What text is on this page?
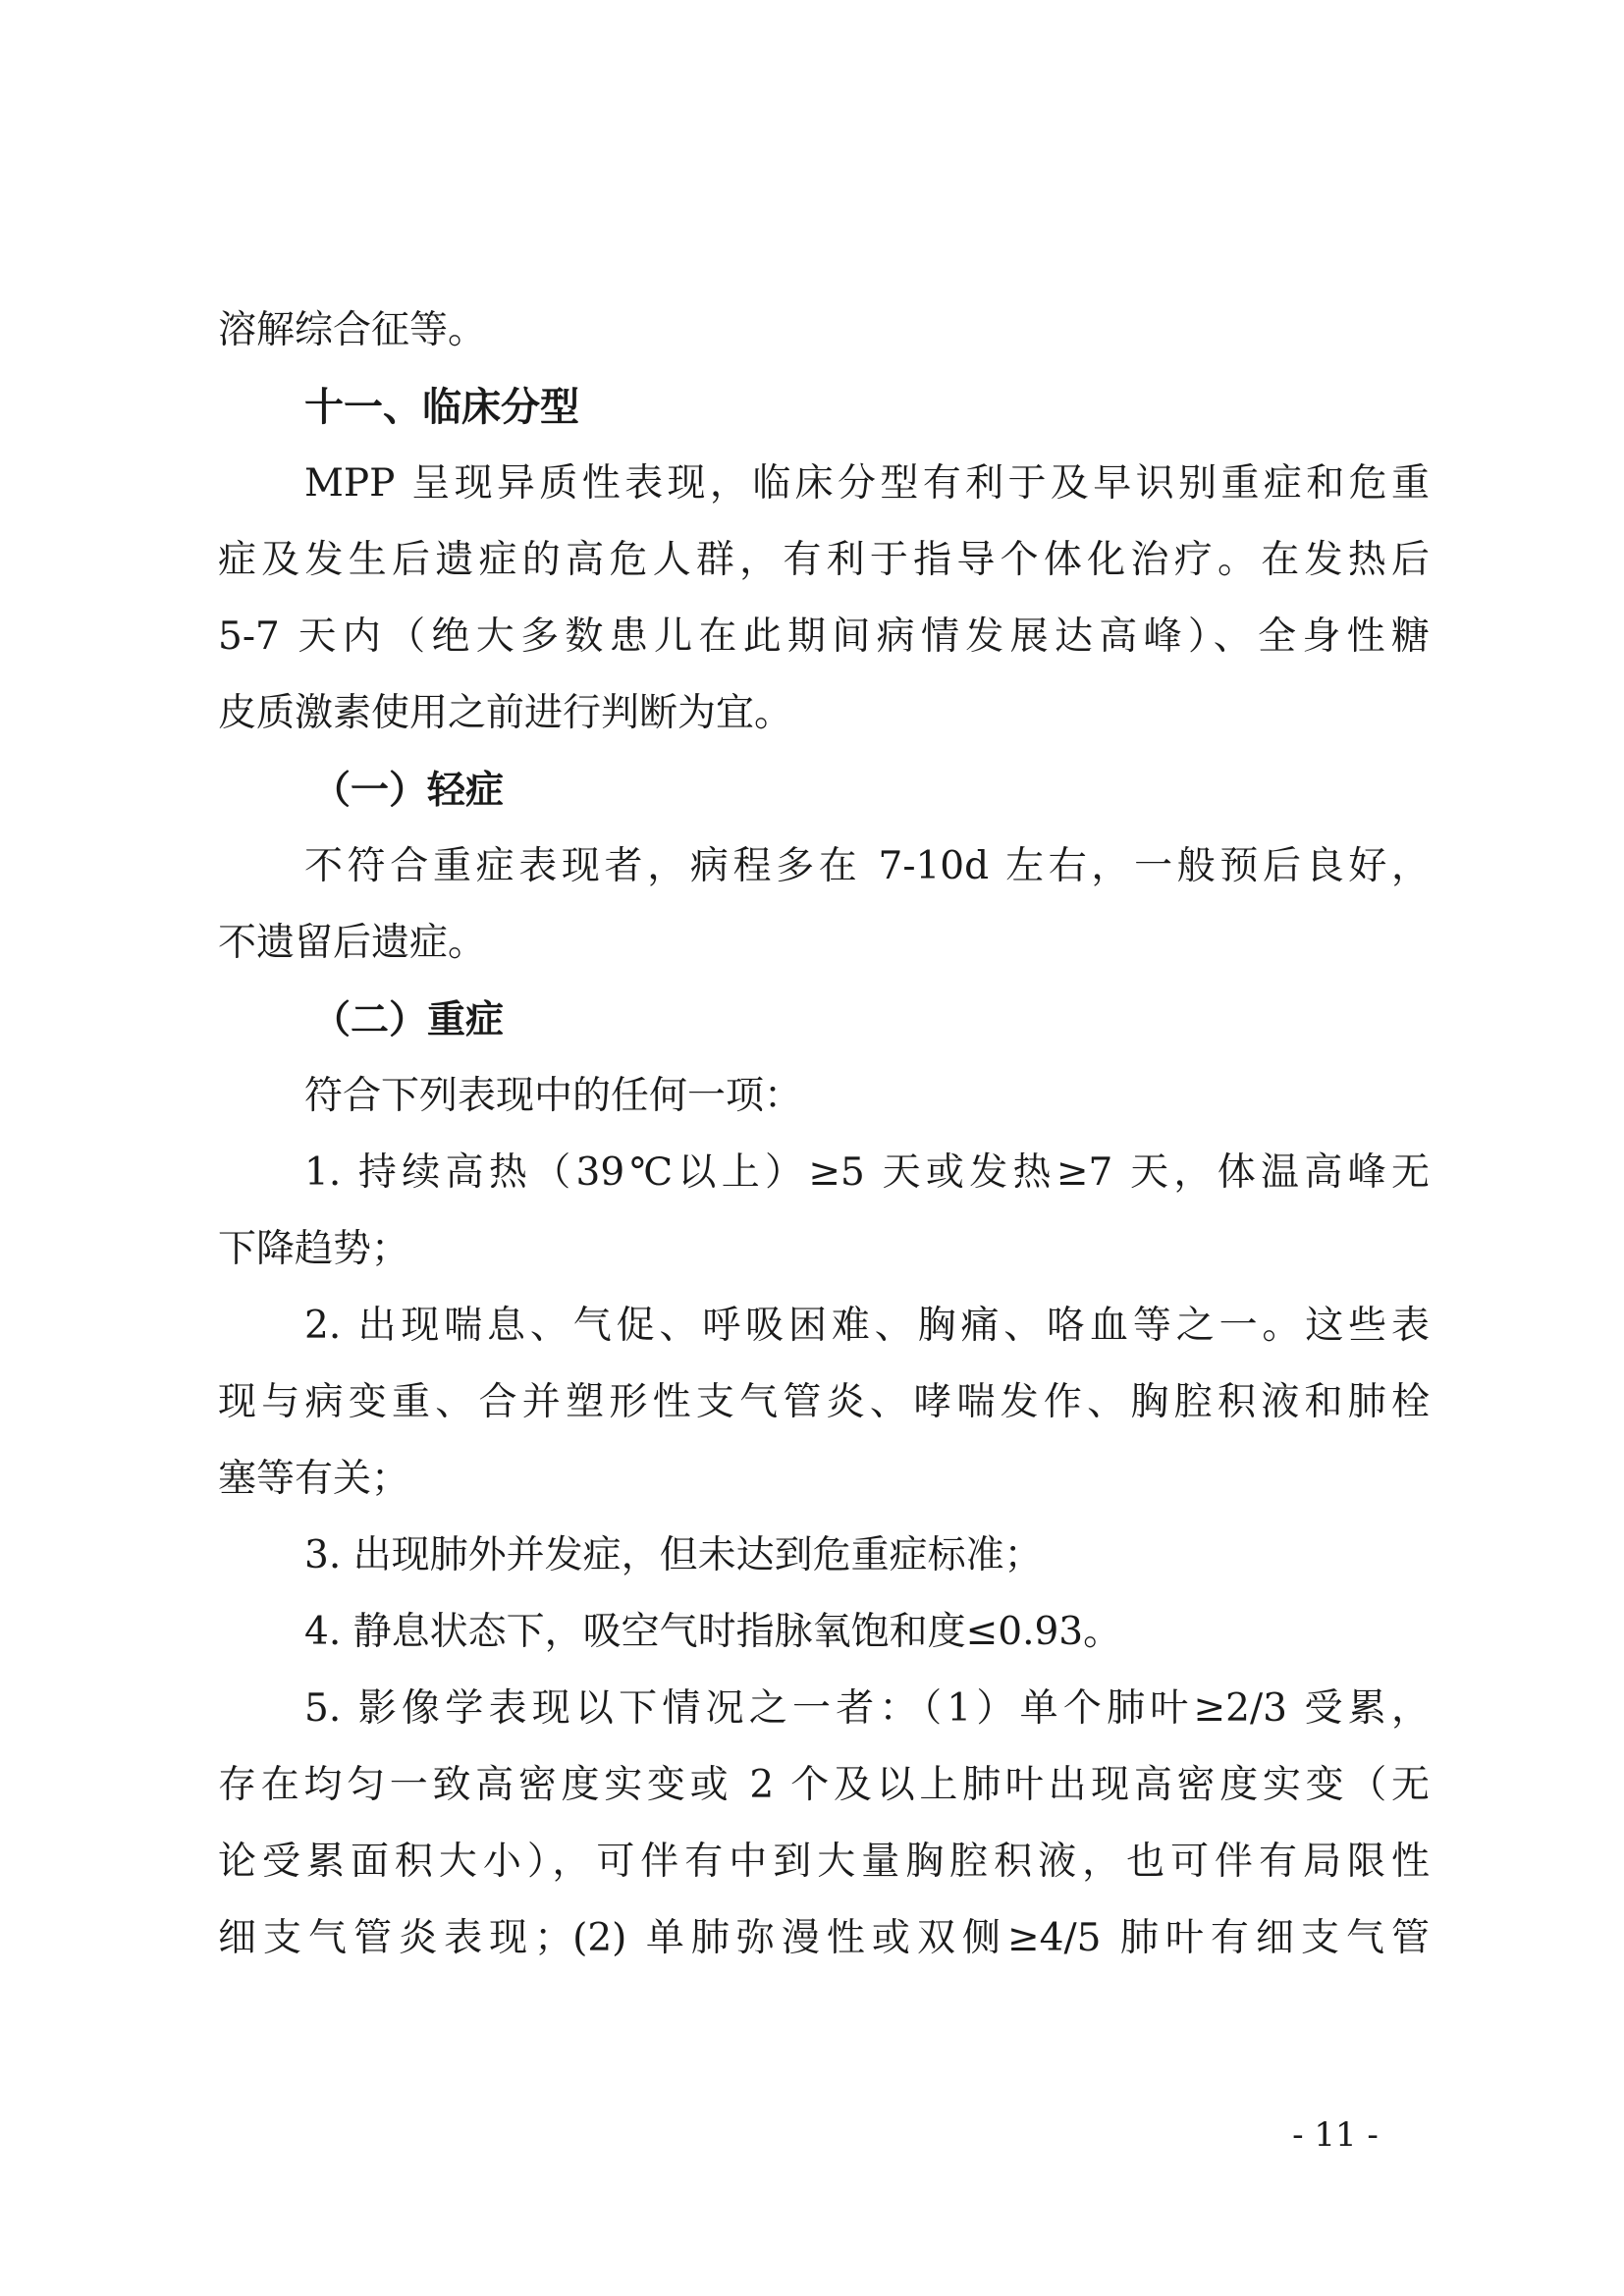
溶解综合征等。
十一、临床分型
MPP 呈现异质性表现，临床分型有利于及早识别重症和危重
症及发生后遗症的高危人群，有利于指导个体化治疗。在发热后
5-7 天内（绝大多数患儿在此期间病情发展达高峰）、全身性糖
皮质激素使用之前进行判断为宜。
（一）轻症
不符合重症表现者，病程多在 7-10d 左右，一般预后良好，
不遗留后遗症。
（二）重症
符合下列表现中的任何一项：
1. 持续高热（39℃以上）≥5 天或发热≥7 天，体温高峰无
下降趋势；
2. 出现喘息、气促、呼吸困难、胸痛、咯血等之一。这些表
现与病变重、合并塑形性支气管炎、哮喘发作、胸腔积液和肺栓
塞等有关；
3. 出现肺外并发症，但未达到危重症标准；
4. 静息状态下，吸空气时指脉氧饱和度≤0.93。
5. 影像学表现以下情况之一者：（1）单个肺叶≥2/3 受累，
存在均匀一致高密度实变或 2 个及以上肺叶出现高密度实变（无
论受累面积大小），可伴有中到大量胸腔积液，也可伴有局限性
细支气管炎表现；(2) 单肺弥漫性或双侧≥4/5 肺叶有细支气管
- 11 -
